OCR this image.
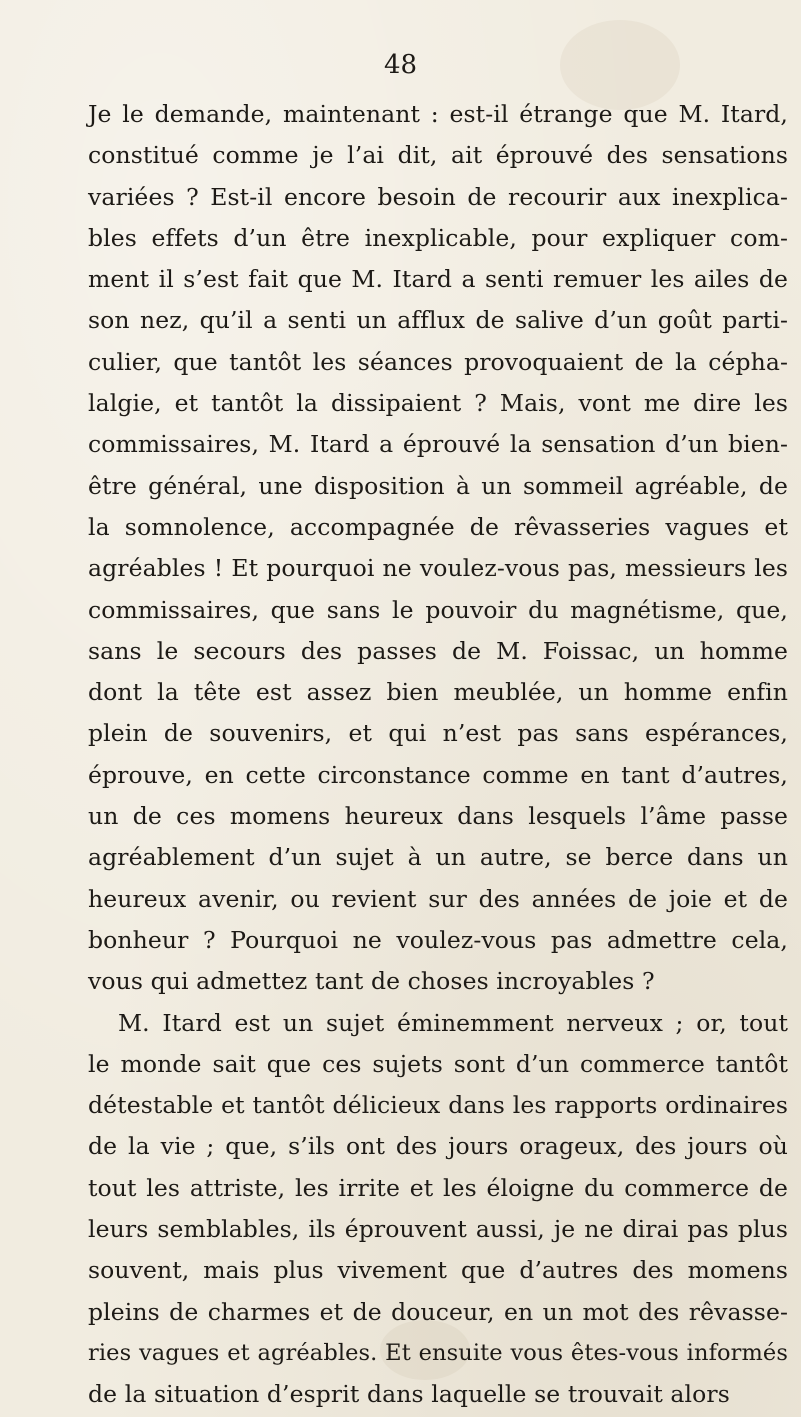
48
Je le demande, maintenant : est-il étrange que M. Itard,
constitué comme je l’ai dit, ait éprouvé des sensations
variées ? Est-il encore besoin de recourir aux inexplica-
bles effets d’un être inexplicable, pour expliquer com-
ment il s’est fait que M. Itard a senti remuer les ailes de
son nez, qu’il a senti un afflux de salive d’un goût parti-
culier, que tantôt les séances provoquaient de la cépha-
lalgie, et tantôt la dissipaient ? Mais, vont me dire les
commissaires, M. Itard a éprouvé la sensation d’un bien-
être général, une disposition à un sommeil agréable, de
la somnolence, accompagnée de rêvasseries vagues et
agréables ! Et pourquoi ne voulez-vous pas, messieurs les
commissaires, que sans le pouvoir du magnétisme, que,
sans le secours des passes de M. Foissac, un homme
dont la tête est assez bien meublée, un homme enfin
plein de souvenirs, et qui n’est pas sans espérances,
éprouve, en cette circonstance comme en tant d’autres,
un de ces momens heureux dans lesquels l’âme passe
agréablement d’un sujet à un autre, se berce dans un
heureux avenir, ou revient sur des années de joie et de
bonheur ? Pourquoi ne voulez-vous pas admettre cela,
vous qui admettez tant de choses incroyables ?
M. Itard est un sujet éminemment nerveux ; or, tout
le monde sait que ces sujets sont d’un commerce tantôt
détestable et tantôt délicieux dans les rapports ordinaires
de la vie ; que, s’ils ont des jours orageux, des jours où
tout les attriste, les irrite et les éloigne du commerce de
leurs semblables, ils éprouvent aussi, je ne dirai pas plus
souvent, mais plus vivement que d’autres des momens
pleins de charmes et de douceur, en un mot des rêvasse-
ries vagues et agréables. Et ensuite vous êtes-vous informés
de la situation d’esprit dans laquelle se trouvait alors
